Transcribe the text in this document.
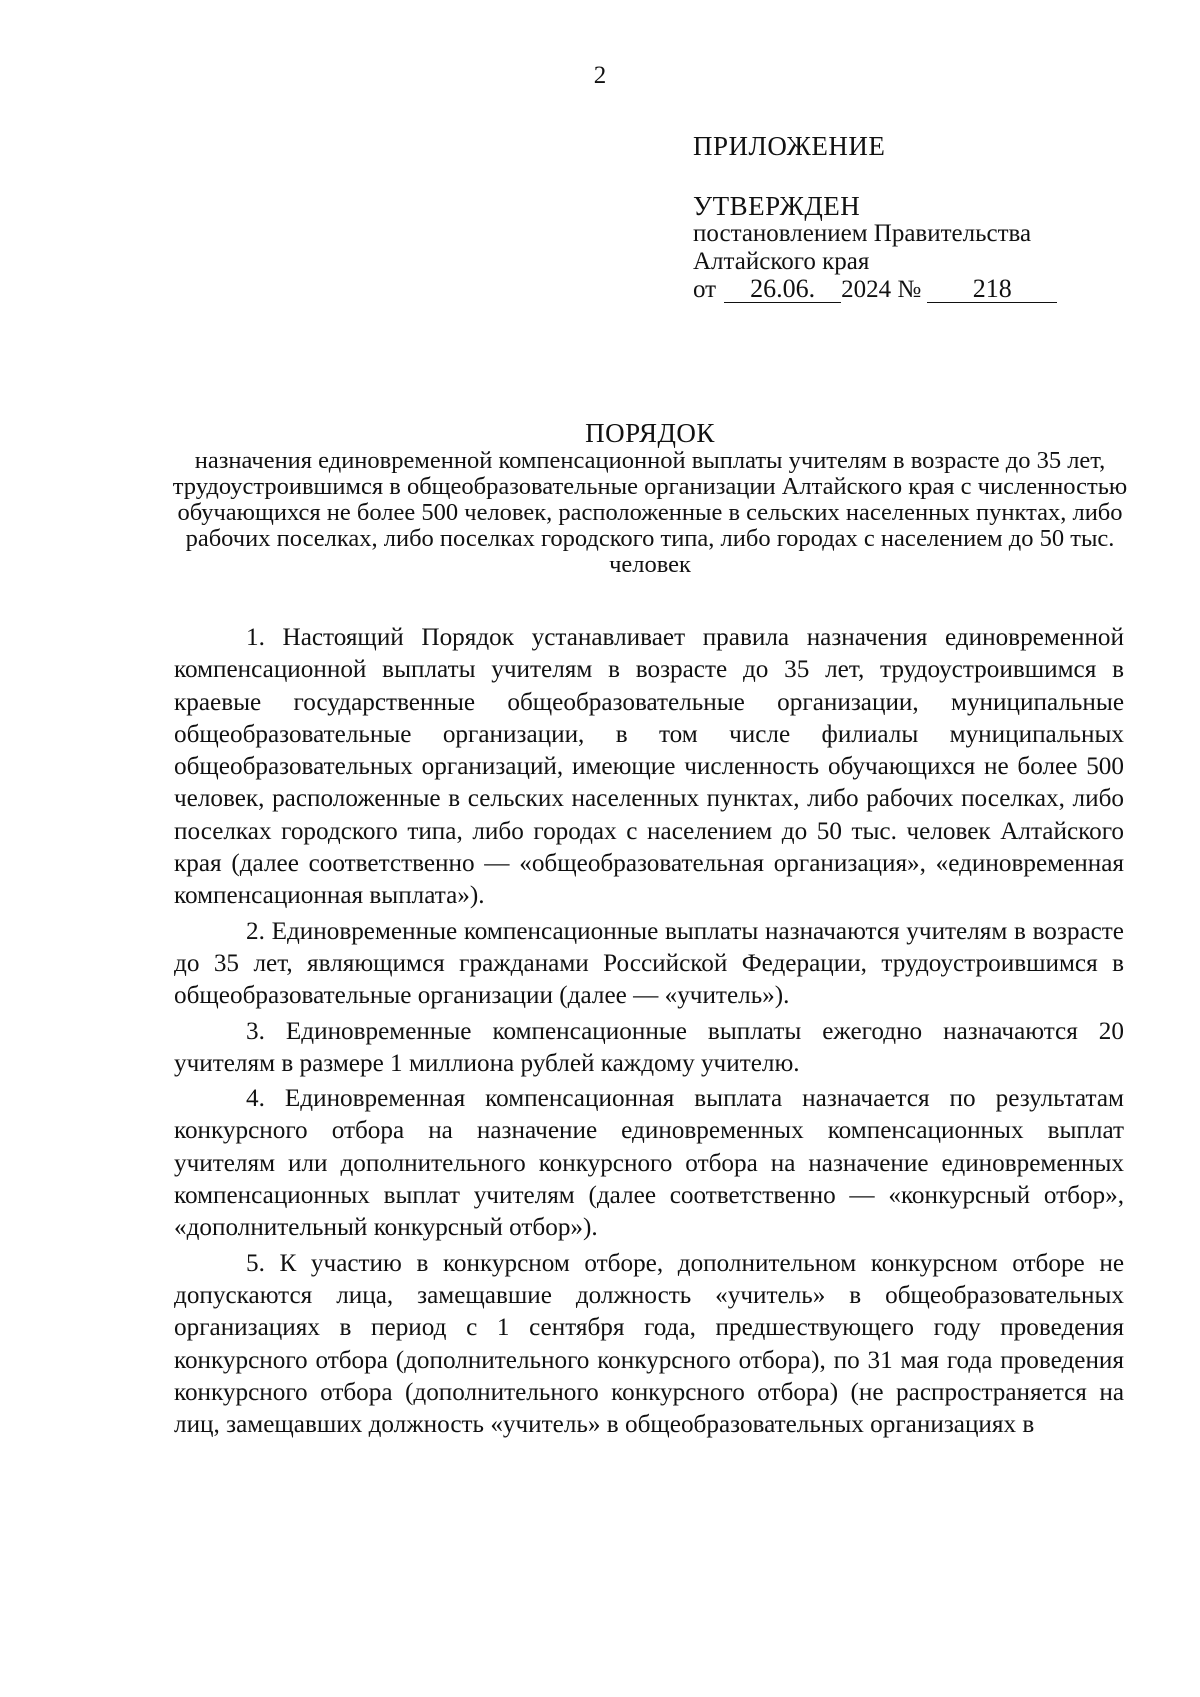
2
ПРИЛОЖЕНИЕ
УТВЕРЖДЕН
постановлением Правительства
Алтайского края
от	26.06.	2024 №	218
ПОРЯДОК
назначения единовременной компенсационной выплаты учителям в возрасте до 35 лет, трудоустроившимся в общеобразовательные организации Алтайского края с численностью обучающихся не более 500 человек, расположенные в сельских населенных пунктах, либо рабочих поселках, либо поселках городского типа, либо городах с населением до 50 тыс. человек

1. Настоящий Порядок устанавливает правила назначения единовременной компенсационной выплаты учителям в возрасте до 35 лет, трудоустроившимся в краевые государственные общеобразовательные организации, муниципальные общеобразовательные организации, в том числе филиалы муниципальных общеобразовательных организаций, имеющие численность обучающихся не более 500 человек, расположенные в сельских населенных пунктах, либо рабочих поселках, либо поселках городского типа, либо городах с населением до 50 тыс. человек Алтайского края (далее соответственно — «общеобразовательная организация», «единовременная компенсационная выплата»).

2. Единовременные компенсационные выплаты назначаются учителям в возрасте до 35 лет, являющимся гражданами Российской Федерации, трудоустроившимся в общеобразовательные организации (далее — «учитель»).

3. Единовременные компенсационные выплаты ежегодно назначаются 20 учителям в размере 1 миллиона рублей каждому учителю.

4. Единовременная компенсационная выплата назначается по результатам конкурсного отбора на назначение единовременных компенсационных выплат учителям или дополнительного конкурсного отбора на назначение единовременных компенсационных выплат учителям (далее соответственно — «конкурсный отбор», «дополнительный конкурсный отбор»).

5. К участию в конкурсном отборе, дополнительном конкурсном отборе не допускаются лица, замещавшие должность «учитель» в общеобразовательных организациях в период с 1 сентября года, предшествующего году проведения конкурсного отбора (дополнительного конкурсного отбора), по 31 мая года проведения конкурсного отбора (дополнительного конкурсного отбора) (не распространяется на лиц, замещавших должность «учитель» в общеобразовательных организациях в
